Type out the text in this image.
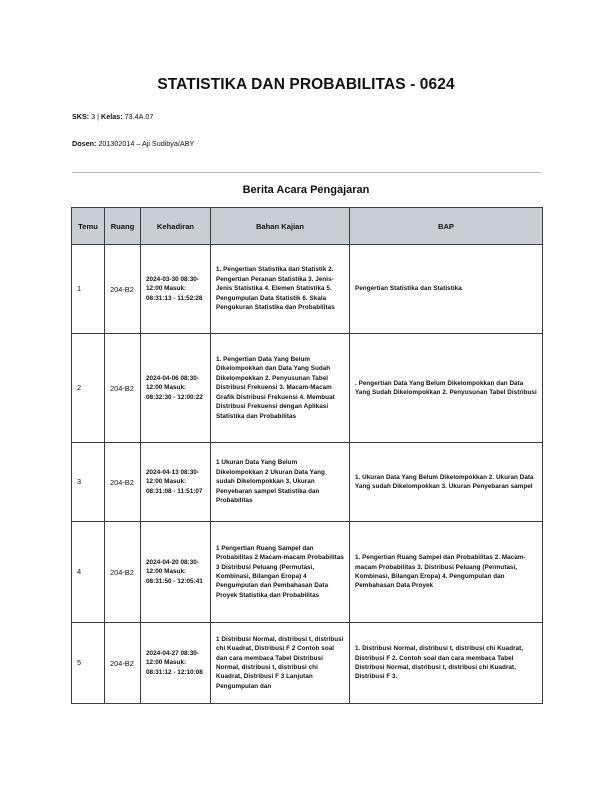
STATISTIKA DAN PROBABILITAS - 0624
SKS: 3 | Kelas: 73.4A.07
Dosen: 201302014 – Aji Sudibya/ABY
Berita Acara Pengajaran
Temu	Ruang	Kehadiran	Bahan Kajian	BAP
1	204-B2	2024-03-30 08:30-12:00 Masuk: 08:31:13 - 11:52:28	1. Pengertian Statistika dan Statistik 2. Pengertian Peranan Statistika 3. Jenis-Jenis Statistika 4. Elemen Statistika 5. Pengumpulan Data Statistik 6. Skala Pengukuran Statistika dan Probabilitas	Pengertian Statistika dan Statistika
2	204-B2	2024-04-06 08:30-12:00 Masuk: 08:32:30 - 12:00:22	1. Pengertian Data Yang Belum Dikelompokkan dan Data Yang Sudah Dikelompokkan 2. Penyusunan Tabel Distribusi Frekuensi 3. Macam-Macam Grafik Distribusi Frekuensi 4. Membuat Distribusi Frekuensi dengan Aplikasi Statistika dan Probabilitas	. Pengertian Data Yang Belum Dikelompokkan dan Data Yang Sudah Dikelompokkan 2. Penyusunan Tabel Distribusi
3	204-B2	2024-04-13 08:30-12:00 Masuk: 08:31:08 - 11:51:07	1 Ukuran Data Yang Belum Dikelompokkan 2 Ukuran Data Yang sudah Dikelompokkan 3, Ukuran Penyebaran sampel Statistika dan Probabilitas	1. Ukuran Data Yang Belum Dikelompokkan 2. Ukuran Data Yang sudah Dikelompokkan 3. Ukuran Penyebaran sampel
4	204-B2	2024-04-20 08:30-12:00 Masuk: 08:31:50 - 12:05:41	1 Pengertian Ruang Sampel dan Probabilitas 2 Macam-macam Probabilitas 3 Distribusi Peluang (Permutasi, Kombinasi, Bilangan Eropa) 4 Pengumpulan dan Pembahasan Data Proyek Statistika dan Probabilitas	1. Pengertian Ruang Sampel dan Probabilitas 2. Macam-macam Probabilitas 3. Distribusi Peluang (Permutasi, Kombinasi, Bilangan Eropa) 4. Pengumpulan dan Pembahasan Data Proyek
5	204-B2	2024-04-27 08:30-12:00 Masuk: 08:31:12 - 12:10:08	1 Distribusi Normal, distribusi t, distribusi chi Kuadrat, Distribusi F 2 Contoh soal dan cara membaca Tabel Distribusi Normal, distribusi t, distribusi chi Kuadrat, Distribusi F 3 Lanjutan Pengumpulan dan	1. Distribusi Normal, distribusi t, distribusi chi Kuadrat, Distribusi F 2. Contoh soal dan cara membaca Tabel Distribusi Normal, distribusi t, distribusi chi Kuadrat, Distribusi F 3.
